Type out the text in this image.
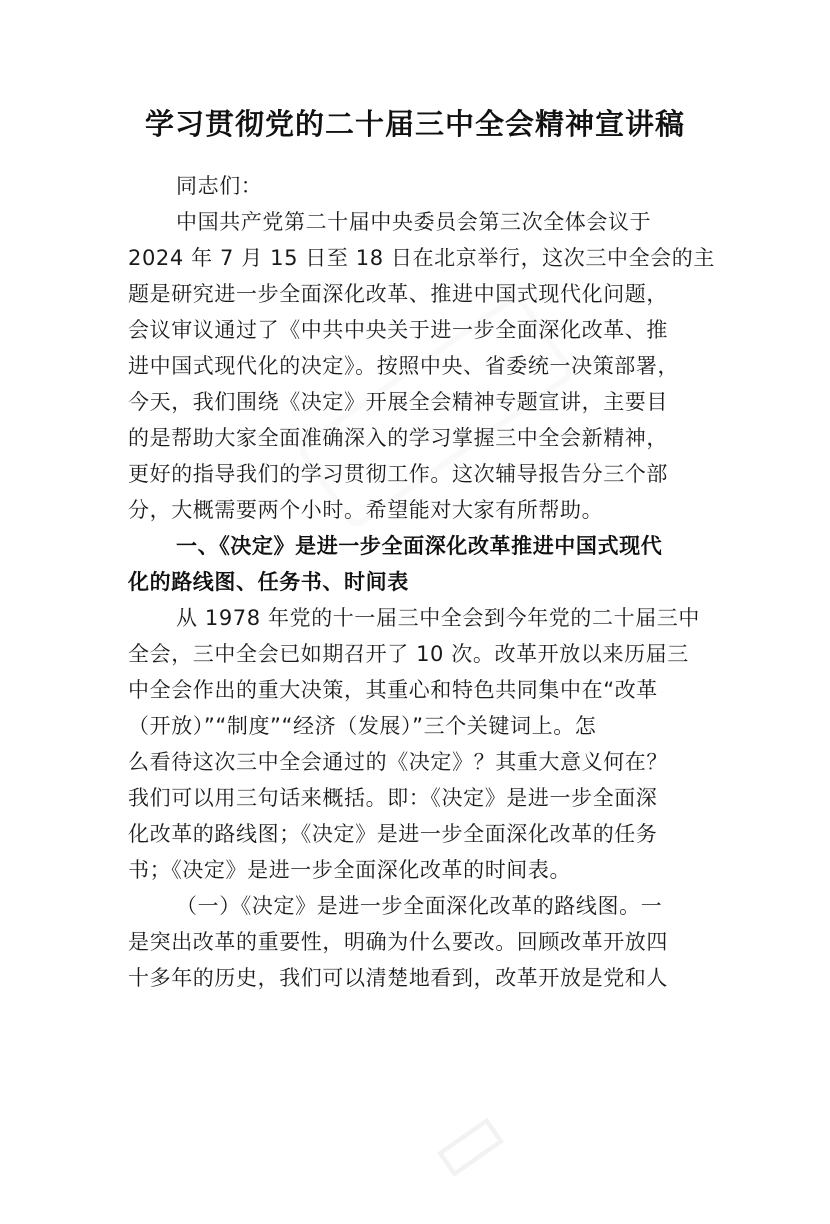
学习贯彻党的二十届三中全会精神宣讲稿
同志们：
中国共产党第二十届中央委员会第三次全体会议于
2024 年 7 月 15 日至 18 日在北京举行，这次三中全会的主
题是研究进一步全面深化改革、推进中国式现代化问题，
会议审议通过了《中共中央关于进一步全面深化改革、推
进中国式现代化的决定》。按照中央、省委统一决策部署，
今天，我们围绕《决定》开展全会精神专题宣讲，主要目
的是帮助大家全面准确深入的学习掌握三中全会新精神，
更好的指导我们的学习贯彻工作。这次辅导报告分三个部
分，大概需要两个小时。希望能对大家有所帮助。
一、《决定》是进一步全面深化改革推进中国式现代
化的路线图、任务书、时间表
从 1978 年党的十一届三中全会到今年党的二十届三中
全会，三中全会已如期召开了 10 次。改革开放以来历届三
中全会作出的重大决策，其重心和特色共同集中在“改革
（开放）”“制度”“经济（发展）”三个关键词上。怎
么看待这次三中全会通过的《决定》？其重大意义何在？
我们可以用三句话来概括。即：《决定》是进一步全面深
化改革的路线图；《决定》是进一步全面深化改革的任务
书；《决定》是进一步全面深化改革的时间表。
（一）《决定》是进一步全面深化改革的路线图。一
是突出改革的重要性，明确为什么要改。回顾改革开放四
十多年的历史，我们可以清楚地看到，改革开放是党和人
▭
